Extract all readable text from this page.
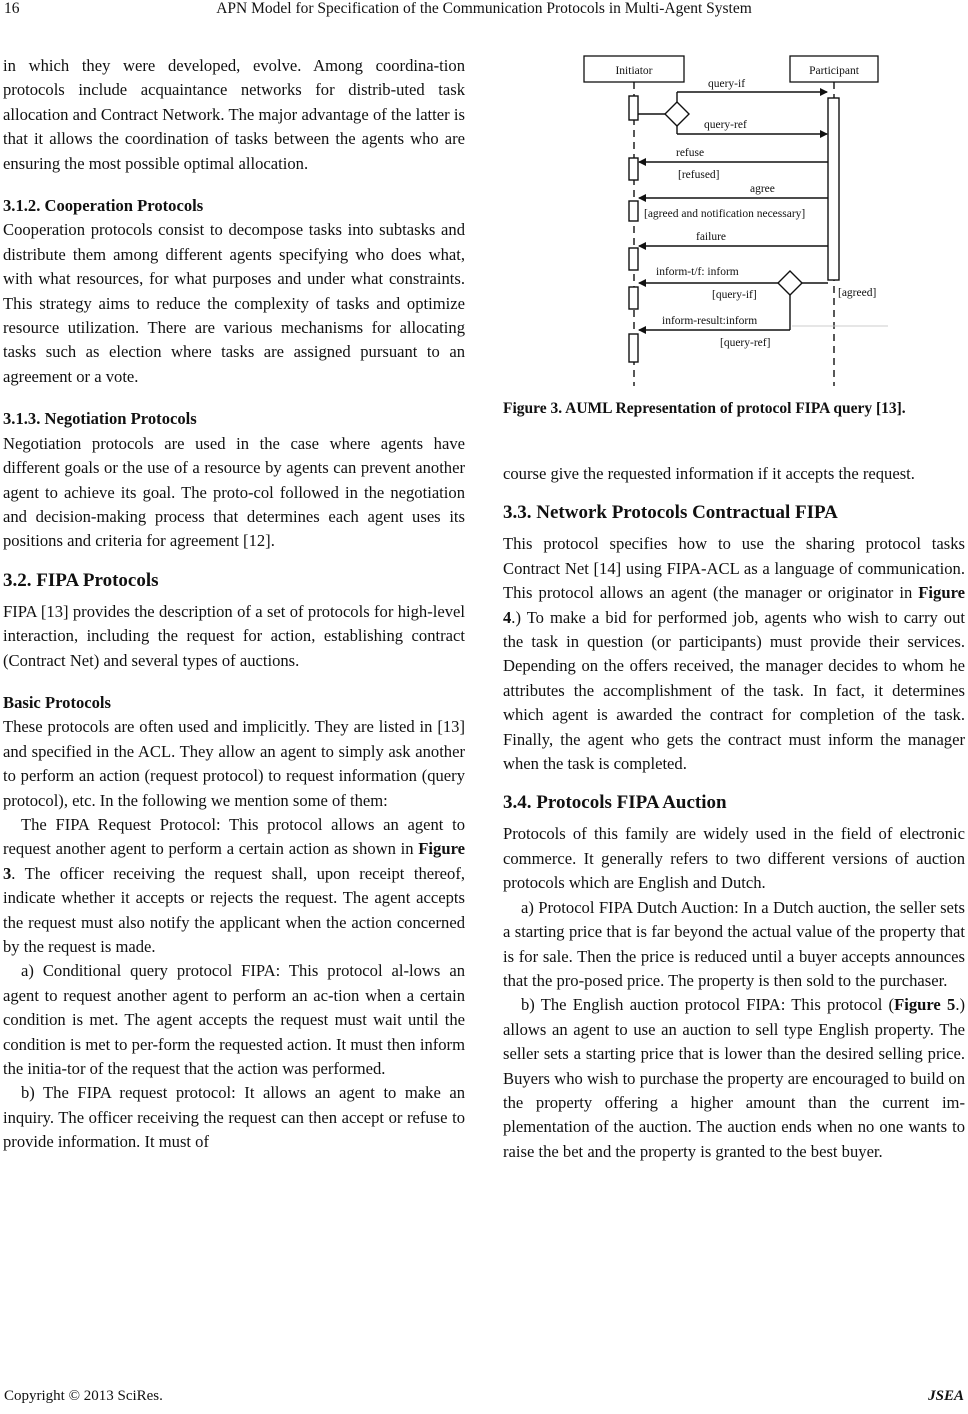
16	APN Model for Specification of the Communication Protocols in Multi-Agent System

in which they were developed, evolve. Among coordina-tion protocols include acquaintance networks for distrib-uted task allocation and Contract Network. The major advantage of the latter is that it allows the coordination of tasks between the agents who are ensuring the most possible optimal allocation.

3.1.2. Cooperation Protocols

Cooperation protocols consist to decompose tasks into subtasks and distribute them among different agents specifying who does what, with what resources, for what purposes and under what constraints. This strategy aims to reduce the complexity of tasks and optimize resource utilization. There are various mechanisms for allocating tasks such as election where tasks are assigned pursuant to an agreement or a vote.

3.1.3. Negotiation Protocols

Negotiation protocols are used in the case where agents have different goals or the use of a resource by agents can prevent another agent to achieve its goal. The proto-col followed in the negotiation and decision-making process that determines each agent uses its positions and criteria for agreement [12].

3.2. FIPA Protocols

FIPA [13] provides the description of a set of protocols for high-level interaction, including the request for action, establishing contract (Contract Net) and several types of auctions.

Basic Protocols

These protocols are often used and implicitly. They are listed in [13] and specified in the ACL. They allow an agent to simply ask another to perform an action (request protocol) to request information (query protocol), etc. In the following we mention some of them:

The FIPA Request Protocol: This protocol allows an agent to request another agent to perform a certain action as shown in Figure 3. The officer receiving the request shall, upon receipt thereof, indicate whether it accepts or rejects the request. The agent accepts the request must also notify the applicant when the action concerned by the request is made.

a) Conditional query protocol FIPA: This protocol al-lows an agent to request another agent to perform an ac-tion when a certain condition is met. The agent accepts the request must wait until the condition is met to per-form the requested action. It must then inform the initia-tor of the request that the action was performed.

b) The FIPA request protocol: It allows an agent to make an inquiry. The officer receiving the request can then accept or refuse to provide information. It must of

Initiator	Participant
query-if
query-ref
refuse
[refused]
agree
[agreed and notification necessary]
failure
inform-t/f: inform
[query-if]	[agreed]
inform-result:inform
[query-ref]

Figure 3. AUML Representation of protocol FIPA query [13].

course give the requested information if it accepts the request.

3.3. Network Protocols Contractual FIPA

This protocol specifies how to use the sharing protocol tasks Contract Net [14] using FIPA-ACL as a language of communication. This protocol allows an agent (the manager or originator in Figure 4.) To make a bid for performed job, agents who wish to carry out the task in question (or participants) must provide their services. Depending on the offers received, the manager decides to whom he attributes the accomplishment of the task. In fact, it determines which agent is awarded the contract for completion of the task. Finally, the agent who gets the contract must inform the manager when the task is completed.

3.4. Protocols FIPA Auction

Protocols of this family are widely used in the field of electronic commerce. It generally refers to two different versions of auction protocols which are English and Dutch.

a) Protocol FIPA Dutch Auction: In a Dutch auction, the seller sets a starting price that is far beyond the actual value of the property that is for sale. Then the price is reduced until a buyer accepts announces that the pro-posed price. The property is then sold to the purchaser.

b) The English auction protocol FIPA: This protocol (Figure 5.) allows an agent to use an auction to sell type English property. The seller sets a starting price that is lower than the desired selling price. Buyers who wish to purchase the property are encouraged to build on the property offering a higher amount than the current im-plementation of the auction. The auction ends when no one wants to raise the bet and the property is granted to the best buyer.

Copyright © 2013 SciRes.	JSEA
